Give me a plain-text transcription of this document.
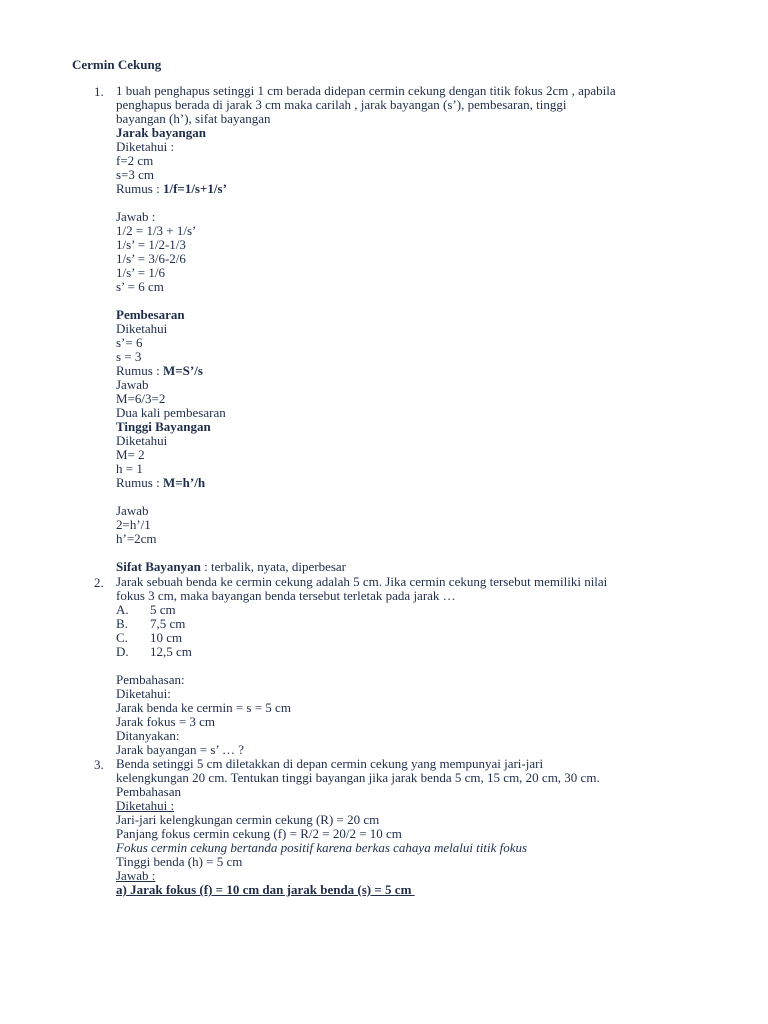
Cermin Cekung
1. 1 buah penghapus setinggi 1 cm berada didepan cermin cekung dengan titik fokus 2cm , apabila
penghapus berada di jarak 3 cm maka carilah , jarak bayangan (s’), pembesaran, tinggi
bayangan (h’), sifat bayangan
Jarak bayangan
Diketahui :
f=2 cm
s=3 cm
Rumus : 1/f=1/s+1/s’
Jawab :
1/2 = 1/3 + 1/s’
1/s’ = 1/2-1/3
1/s’ = 3/6-2/6
1/s’ = 1/6
s’ = 6 cm
Pembesaran
Diketahui
s’= 6
s = 3
Rumus : M=S’/s
Jawab
M=6/3=2
Dua kali pembesaran
Tinggi Bayangan
Diketahui
M= 2
h = 1
Rumus : M=h’/h
Jawab
2=h’/1
h’=2cm
Sifat Bayanyan : terbalik, nyata, diperbesar
2. Jarak sebuah benda ke cermin cekung adalah 5 cm. Jika cermin cekung tersebut memiliki nilai
fokus 3 cm, maka bayangan benda tersebut terletak pada jarak …
A.	5 cm
B.	7,5 cm
C.	10 cm
D.	12,5 cm
Pembahasan:
Diketahui:
Jarak benda ke cermin = s = 5 cm
Jarak fokus = 3 cm
Ditanyakan:
Jarak bayangan = s’ … ?
3. Benda setinggi 5 cm diletakkan di depan cermin cekung yang mempunyai jari-jari
kelengkungan 20 cm. Tentukan tinggi bayangan jika jarak benda 5 cm, 15 cm, 20 cm, 30 cm.
Pembahasan
Diketahui :
Jari-jari kelengkungan cermin cekung (R) = 20 cm
Panjang fokus cermin cekung (f) = R/2 = 20/2 = 10 cm
Fokus cermin cekung bertanda positif karena berkas cahaya melalui titik fokus
Tinggi benda (h) = 5 cm
Jawab :
a) Jarak fokus (f) = 10 cm dan jarak benda (s) = 5 cm
